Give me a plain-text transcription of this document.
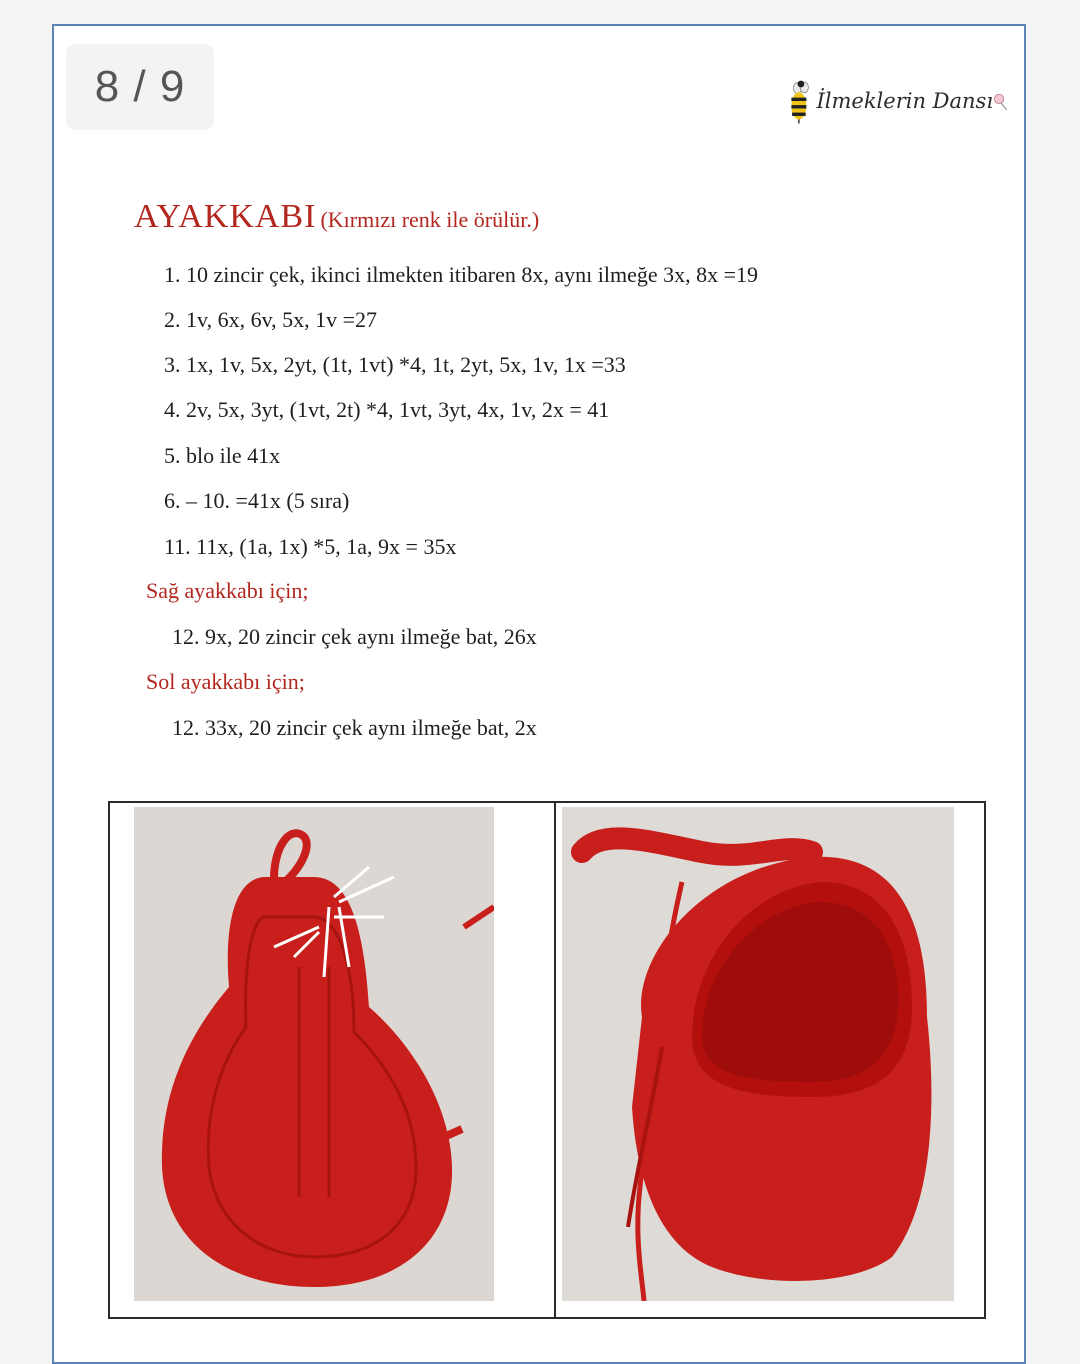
8 / 9	İlmeklerin Dansı
AYAKKABI (Kırmızı renk ile örülür.)
1. 10 zincir çek, ikinci ilmekten itibaren 8x, aynı ilmeğe 3x, 8x =19
2. 1v, 6x, 6v, 5x, 1v =27
3. 1x, 1v, 5x, 2yt, (1t, 1vt) *4, 1t, 2yt, 5x, 1v, 1x =33
4. 2v, 5x, 3yt, (1vt, 2t) *4, 1vt, 3yt, 4x, 1v, 2x = 41
5. blo ile 41x
6. – 10. =41x (5 sıra)
11. 11x, (1a, 1x) *5, 1a, 9x = 35x
Sağ ayakkabı için;
12. 9x, 20 zincir çek aynı ilmeğe bat, 26x
Sol ayakkabı için;
12. 33x, 20 zincir çek aynı ilmeğe bat, 2x
